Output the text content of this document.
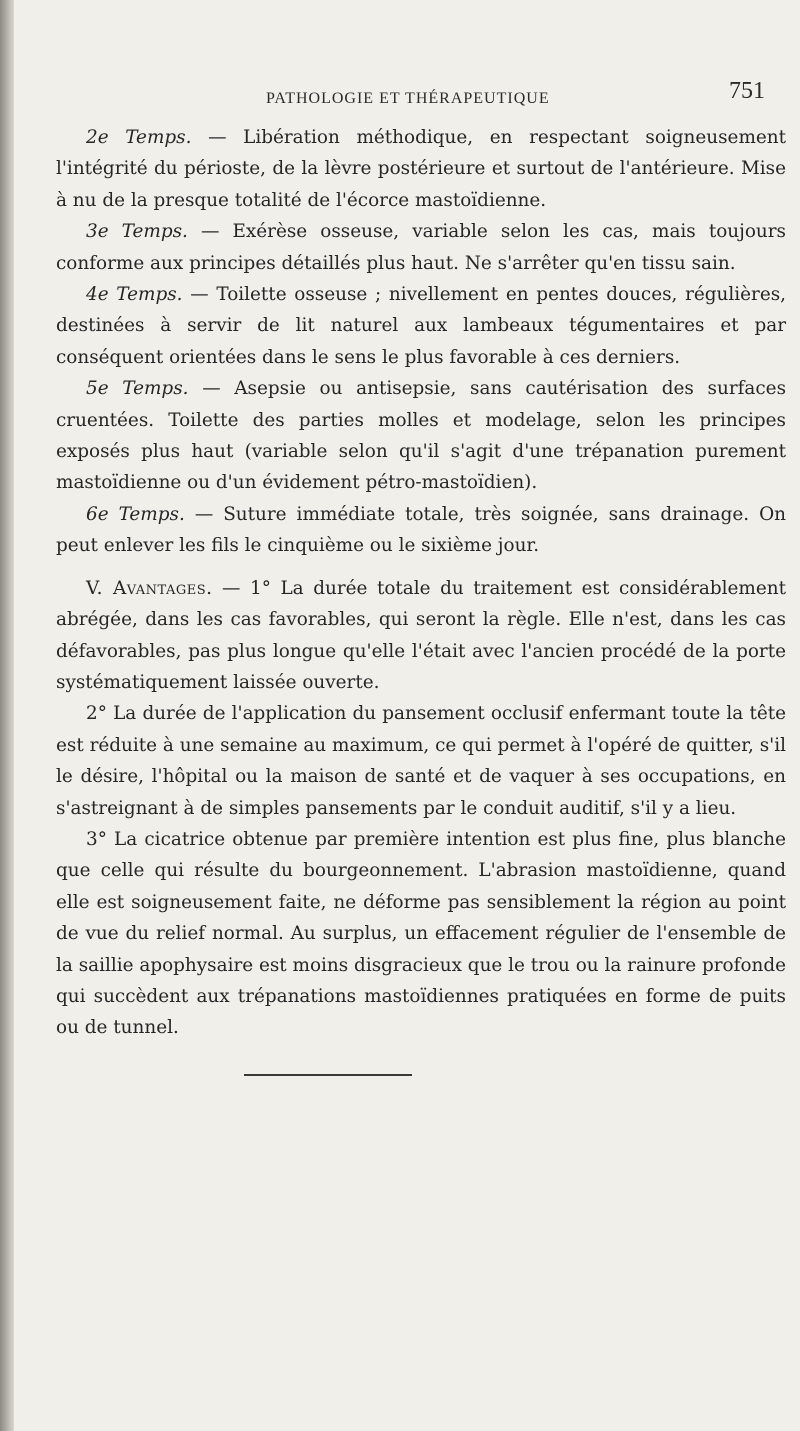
PATHOLOGIE ET THÉRAPEUTIQUE	751

2e Temps. — Libération méthodique, en respectant soigneusement l'intégrité du périoste, de la lèvre postérieure et surtout de l'antérieure. Mise à nu de la presque totalité de l'écorce mastoïdienne.

3e Temps. — Exérèse osseuse, variable selon les cas, mais toujours conforme aux principes détaillés plus haut. Ne s'arrêter qu'en tissu sain.

4e Temps. — Toilette osseuse ; nivellement en pentes douces, régulières, destinées à servir de lit naturel aux lambeaux tégumentaires et par conséquent orientées dans le sens le plus favorable à ces derniers.

5e Temps. — Asepsie ou antisepsie, sans cautérisation des surfaces cruentées. Toilette des parties molles et modelage, selon les principes exposés plus haut (variable selon qu'il s'agit d'une trépanation purement mastoïdienne ou d'un évidement pétro-mastoïdien).

6e Temps. — Suture immédiate totale, très soignée, sans drainage. On peut enlever les fils le cinquième ou le sixième jour.

V. Avantages. — 1° La durée totale du traitement est considérablement abrégée, dans les cas favorables, qui seront la règle. Elle n'est, dans les cas défavorables, pas plus longue qu'elle l'était avec l'ancien procédé de la porte systématiquement laissée ouverte.

2° La durée de l'application du pansement occlusif enfermant toute la tête est réduite à une semaine au maximum, ce qui permet à l'opéré de quitter, s'il le désire, l'hôpital ou la maison de santé et de vaquer à ses occupations, en s'astreignant à de simples pansements par le conduit auditif, s'il y a lieu.

3° La cicatrice obtenue par première intention est plus fine, plus blanche que celle qui résulte du bourgeonnement. L'abrasion mastoïdienne, quand elle est soigneusement faite, ne déforme pas sensiblement la région au point de vue du relief normal. Au surplus, un effacement régulier de l'ensemble de la saillie apophysaire est moins disgracieux que le trou ou la rainure profonde qui succèdent aux trépanations mastoïdiennes pratiquées en forme de puits ou de tunnel.
